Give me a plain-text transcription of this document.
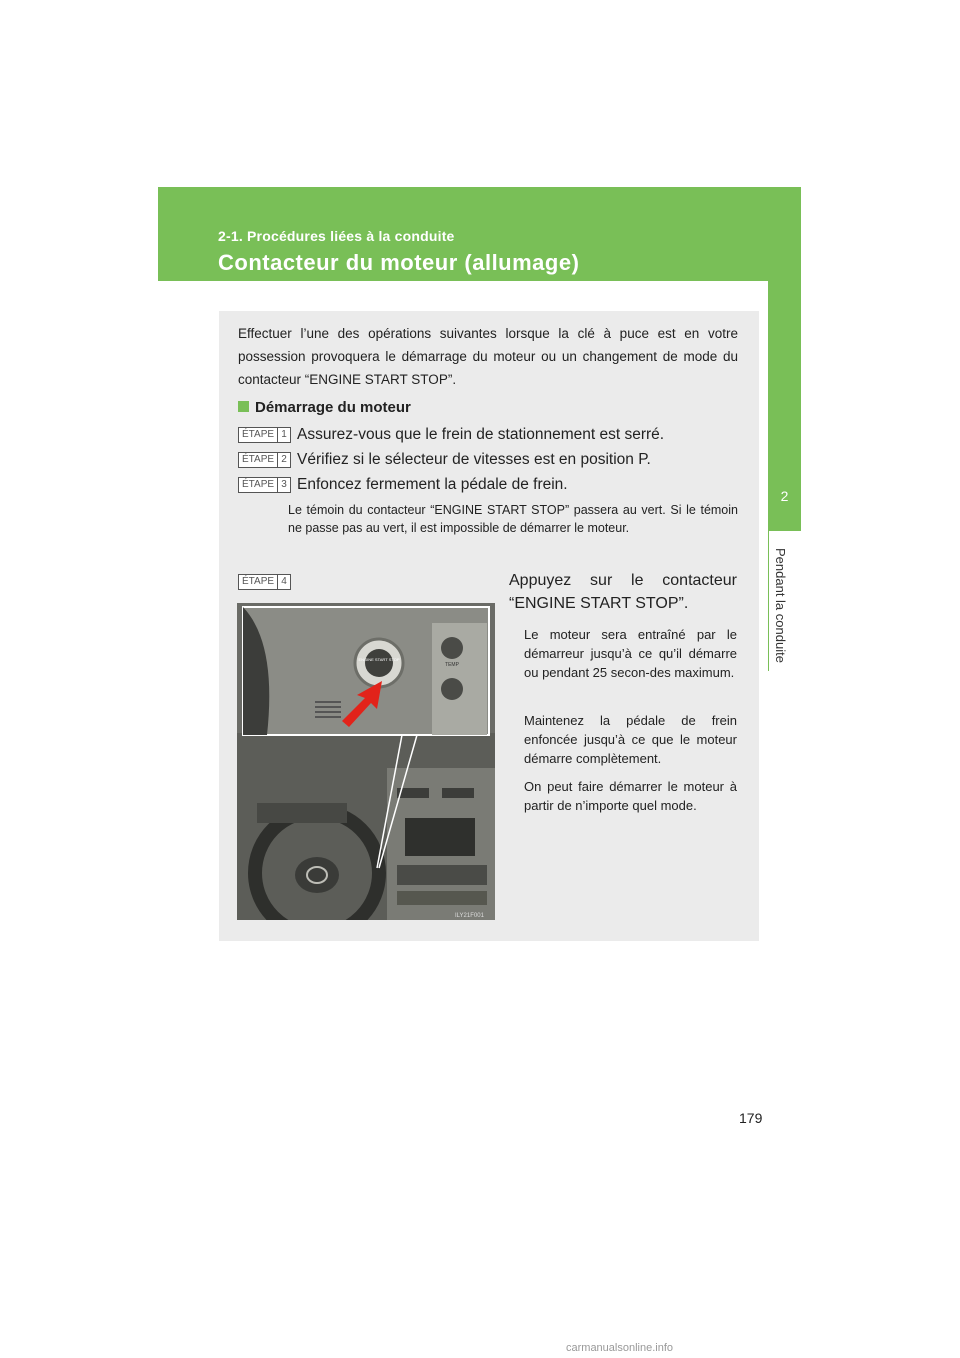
2-1. Procédures liées à la conduite
Contacteur du moteur (allumage)
2
Pendant la conduite
Effectuer l’une des opérations suivantes lorsque la clé à puce est en votre possession provoquera le démarrage du moteur ou un changement de mode du contacteur “ENGINE START STOP”.
Démarrage du moteur
ÉTAPE 1 Assurez-vous que le frein de stationnement est serré.
ÉTAPE 2 Vérifiez si le sélecteur de vitesses est en position P.
ÉTAPE 3 Enfoncez fermement la pédale de frein.
Le témoin du contacteur “ENGINE START STOP” passera au vert. Si le témoin ne passe pas au vert, il est impossible de démarrer le moteur.
ÉTAPE 4	Appuyez sur le contacteur “ENGINE START STOP”.
Le moteur sera entraîné par le démarreur jusqu’à ce qu’il démarre ou pendant 25 secon-des maximum.
Maintenez la pédale de frein enfoncée jusqu’à ce que le moteur démarre complètement.
On peut faire démarrer le moteur à partir de n’importe quel mode.
ENGINE START STOP
TEMP
ILY21F001
179
carmanualsonline.info
